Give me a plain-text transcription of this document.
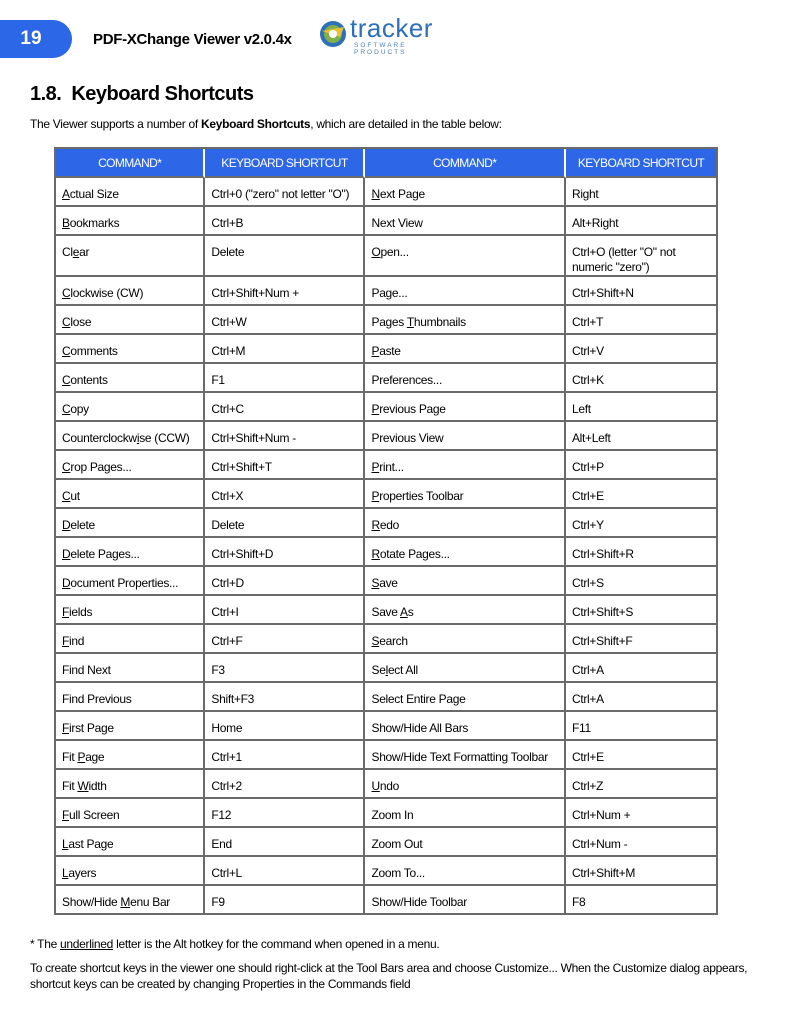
19	PDF-XChange Viewer v2.0.4x tracker
SOFTWARE PRODUCTS
1.8. Keyboard Shortcuts
The Viewer supports a number of Keyboard Shortcuts, which are detailed in the table below:
COMMAND*	KEYBOARD SHORTCUT	COMMAND*	KEYBOARD SHORTCUT
Actual Size	Ctrl+0 ("zero" not letter "O")	Next Page	Right
Bookmarks	Ctrl+B	Next View	Alt+Right
Clear	Delete	Open...	Ctrl+O (letter "O" not numeric "zero")
Clockwise (CW)	Ctrl+Shift+Num +	Page...	Ctrl+Shift+N
Close	Ctrl+W	Pages Thumbnails	Ctrl+T
Comments	Ctrl+M	Paste	Ctrl+V
Contents	F1	Preferences...	Ctrl+K
Copy	Ctrl+C	Previous Page	Left
Counterclockwise (CCW)	Ctrl+Shift+Num -	Previous View	Alt+Left
Crop Pages...	Ctrl+Shift+T	Print...	Ctrl+P
Cut	Ctrl+X	Properties Toolbar	Ctrl+E
Delete	Delete	Redo	Ctrl+Y
Delete Pages...	Ctrl+Shift+D	Rotate Pages...	Ctrl+Shift+R
Document Properties...	Ctrl+D	Save	Ctrl+S
Fields	Ctrl+I	Save As	Ctrl+Shift+S
Find	Ctrl+F	Search	Ctrl+Shift+F
Find Next	F3	Select All	Ctrl+A
Find Previous	Shift+F3	Select Entire Page	Ctrl+A
First Page	Home	Show/Hide All Bars	F11
Fit Page	Ctrl+1	Show/Hide Text Formatting Toolbar	Ctrl+E
Fit Width	Ctrl+2	Undo	Ctrl+Z
Full Screen	F12	Zoom In	Ctrl+Num +
Last Page	End	Zoom Out	Ctrl+Num -
Layers	Ctrl+L	Zoom To...	Ctrl+Shift+M
Show/Hide Menu Bar	F9	Show/Hide Toolbar	F8
* The underlined letter is the Alt hotkey for the command when opened in a menu.
To create shortcut keys in the viewer one should right-click at the Tool Bars area and choose Customize... When the Customize dialog appears, shortcut keys can be created by changing Properties in the Commands field
